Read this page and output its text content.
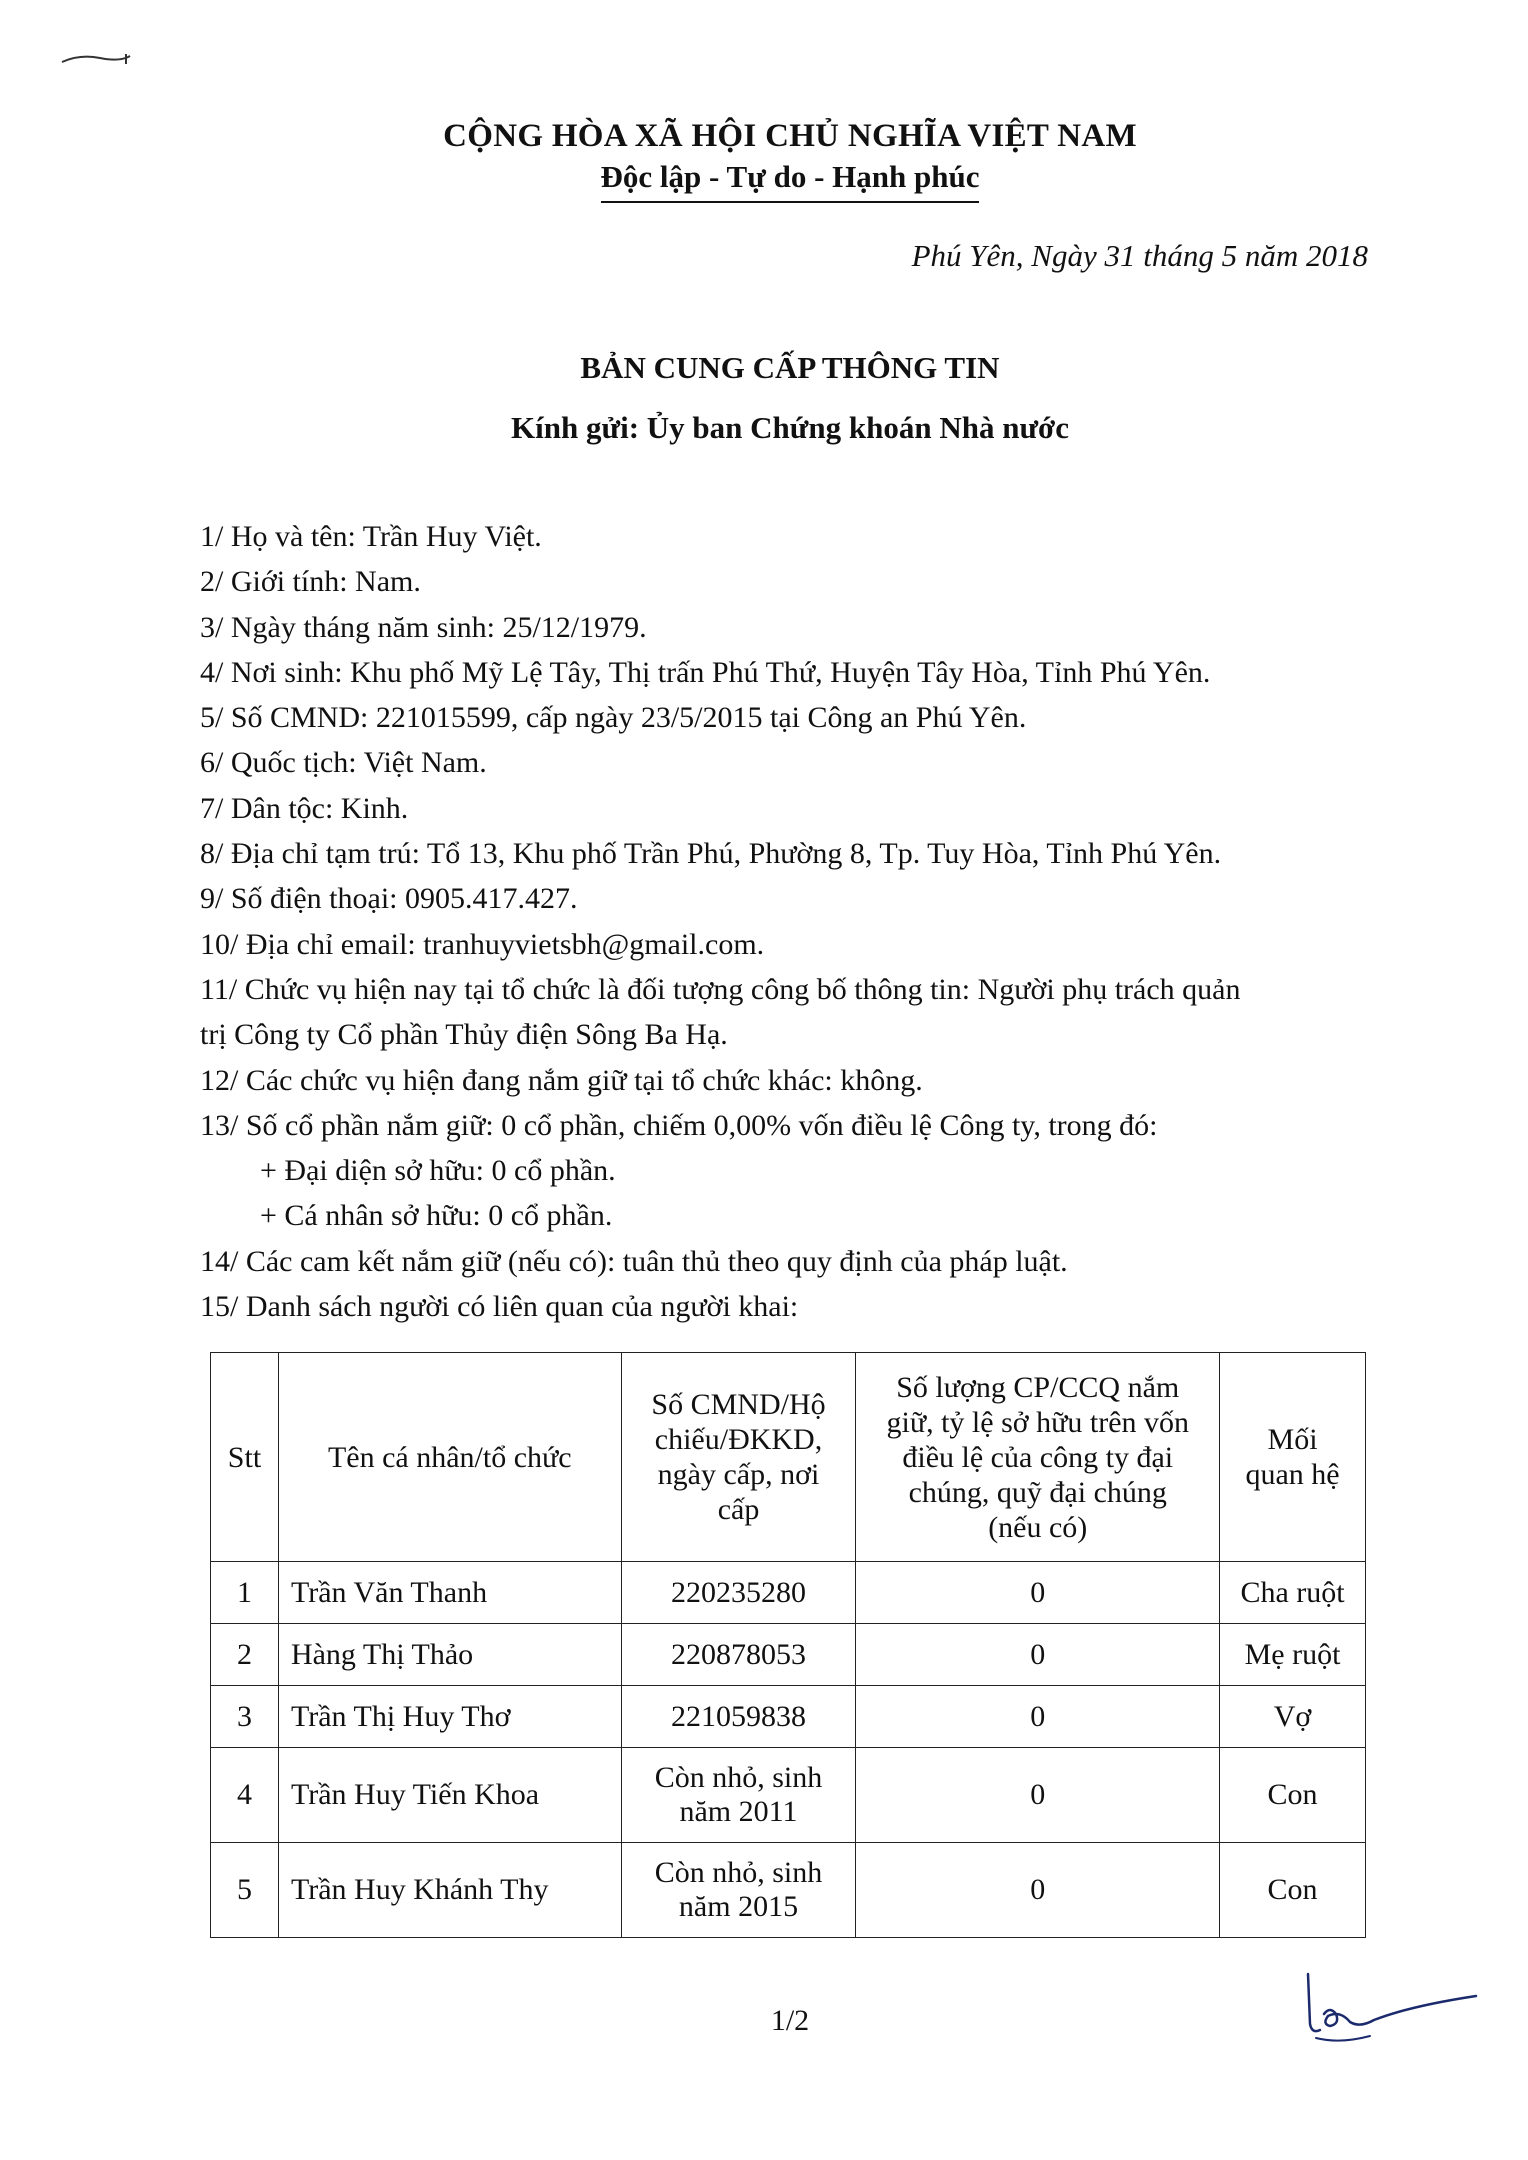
CỘNG HÒA XÃ HỘI CHỦ NGHĨA VIỆT NAM
Độc lập - Tự do - Hạnh phúc
Phú Yên, Ngày 31 tháng 5 năm 2018
BẢN CUNG CẤP THÔNG TIN
Kính gửi: Ủy ban Chứng khoán Nhà nước

1/ Họ và tên: Trần Huy Việt.

2/ Giới tính: Nam.

3/ Ngày tháng năm sinh: 25/12/1979.

4/ Nơi sinh: Khu phố Mỹ Lệ Tây, Thị trấn Phú Thứ, Huyện Tây Hòa, Tỉnh Phú Yên.

5/ Số CMND: 221015599, cấp ngày 23/5/2015 tại Công an Phú Yên.

6/ Quốc tịch: Việt Nam.

7/ Dân tộc: Kinh.

8/ Địa chỉ tạm trú: Tổ 13, Khu phố Trần Phú, Phường 8, Tp. Tuy Hòa, Tỉnh Phú Yên.

9/ Số điện thoại: 0905.417.427.

10/ Địa chỉ email: tranhuyvietsbh@gmail.com.

11/ Chức vụ hiện nay tại tổ chức là đối tượng công bố thông tin: Người phụ trách quản

trị Công ty Cổ phần Thủy điện Sông Ba Hạ.

12/ Các chức vụ hiện đang nắm giữ tại tổ chức khác: không.

13/ Số cổ phần nắm giữ: 0 cổ phần, chiếm 0,00% vốn điều lệ Công ty, trong đó:

+ Đại diện sở hữu: 0 cổ phần.

+ Cá nhân sở hữu: 0 cổ phần.

14/ Các cam kết nắm giữ (nếu có): tuân thủ theo quy định của pháp luật.

15/ Danh sách người có liên quan của người khai:

Stt	Tên cá nhân/tổ chức	Số CMND/Hộ
chiếu/ĐKKD,
ngày cấp, nơi
cấp	Số lượng CP/CCQ nắm
giữ, tỷ lệ sở hữu trên vốn
điều lệ của công ty đại
chúng, quỹ đại chúng
(nếu có)	Mối
quan hệ
1	Trần Văn Thanh	220235280	0	Cha ruột
2	Hàng Thị Thảo	220878053	0	Mẹ ruột
3	Trần Thị Huy Thơ	221059838	0	Vợ
4	Trần Huy Tiến Khoa	Còn nhỏ, sinh
năm 2011	0	Con
5	Trần Huy Khánh Thy	Còn nhỏ, sinh
năm 2015	0	Con
1/2
